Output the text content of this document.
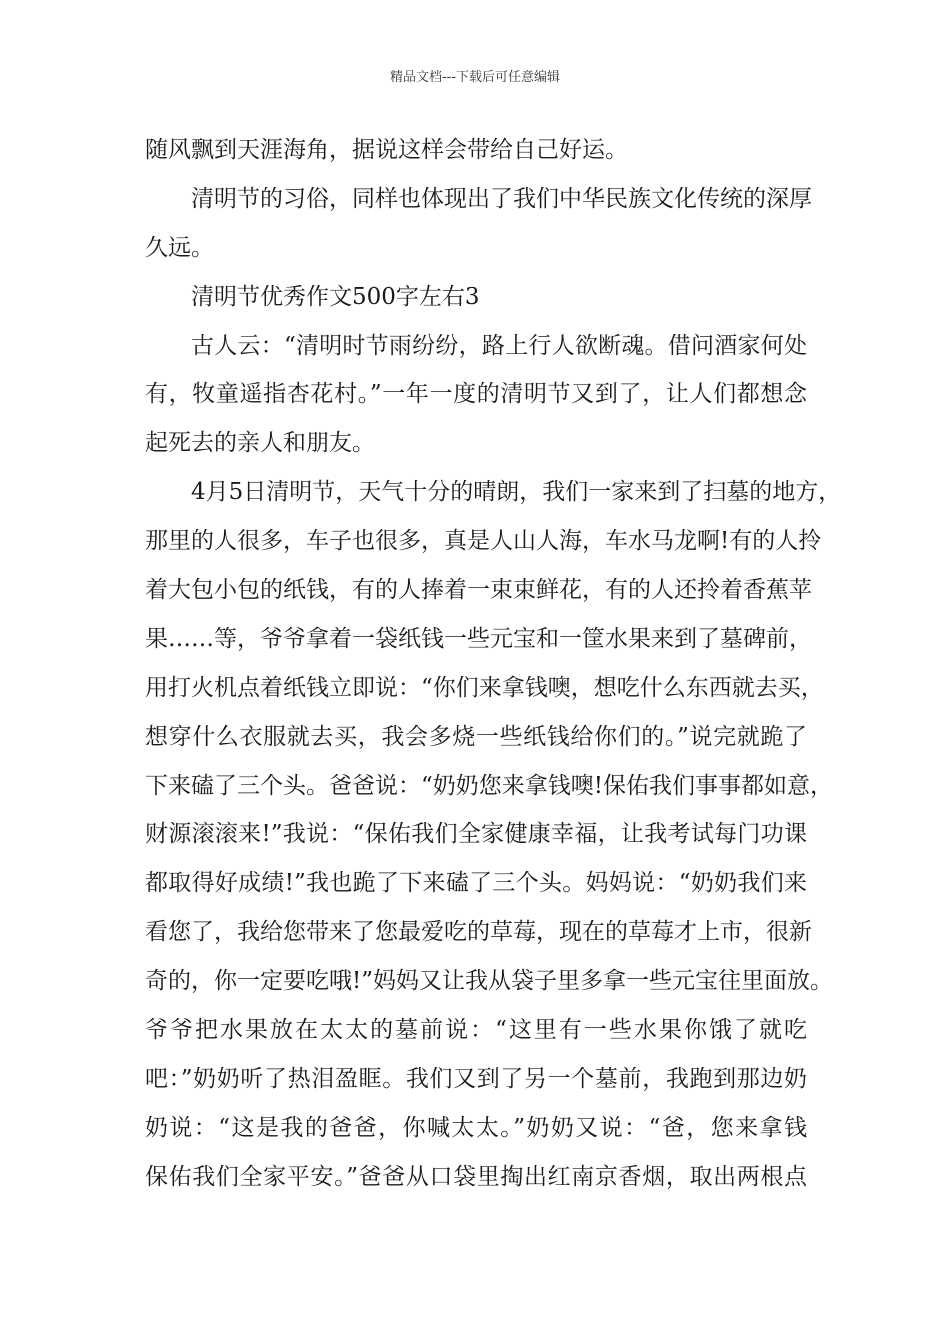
精品文档---下载后可任意编辑
随风飘到天涯海角，据说这样会带给自己好运。
清明节的习俗，同样也体现出了我们中华民族文化传统的深厚
久远。
清明节优秀作文500字左右3
古人云：“清明时节雨纷纷，路上行人欲断魂。借问酒家何处
有，牧童遥指杏花村。”一年一度的清明节又到了，让人们都想念
起死去的亲人和朋友。
4月5日清明节，天气十分的晴朗，我们一家来到了扫墓的地方，
那里的人很多，车子也很多，真是人山人海，车水马龙啊!有的人拎
着大包小包的纸钱，有的人捧着一束束鲜花，有的人还拎着香蕉苹
果……等，爷爷拿着一袋纸钱一些元宝和一筐水果来到了墓碑前，
用打火机点着纸钱立即说：“你们来拿钱噢，想吃什么东西就去买，
想穿什么衣服就去买，我会多烧一些纸钱给你们的。”说完就跪了
下来磕了三个头。爸爸说：“奶奶您来拿钱噢!保佑我们事事都如意，
财源滚滚来!”我说：“保佑我们全家健康幸福，让我考试每门功课
都取得好成绩!”我也跪了下来磕了三个头。妈妈说：“奶奶我们来
看您了，我给您带来了您最爱吃的草莓，现在的草莓才上市，很新
奇的，你一定要吃哦!”妈妈又让我从袋子里多拿一些元宝往里面放。
爷爷把水果放在太太的墓前说：“这里有一些水果你饿了就吃
吧：”奶奶听了热泪盈眶。我们又到了另一个墓前，我跑到那边奶
奶说：“这是我的爸爸，你喊太太。”奶奶又说：“爸，您来拿钱
保佑我们全家平安。”爸爸从口袋里掏出红南京香烟，取出两根点
